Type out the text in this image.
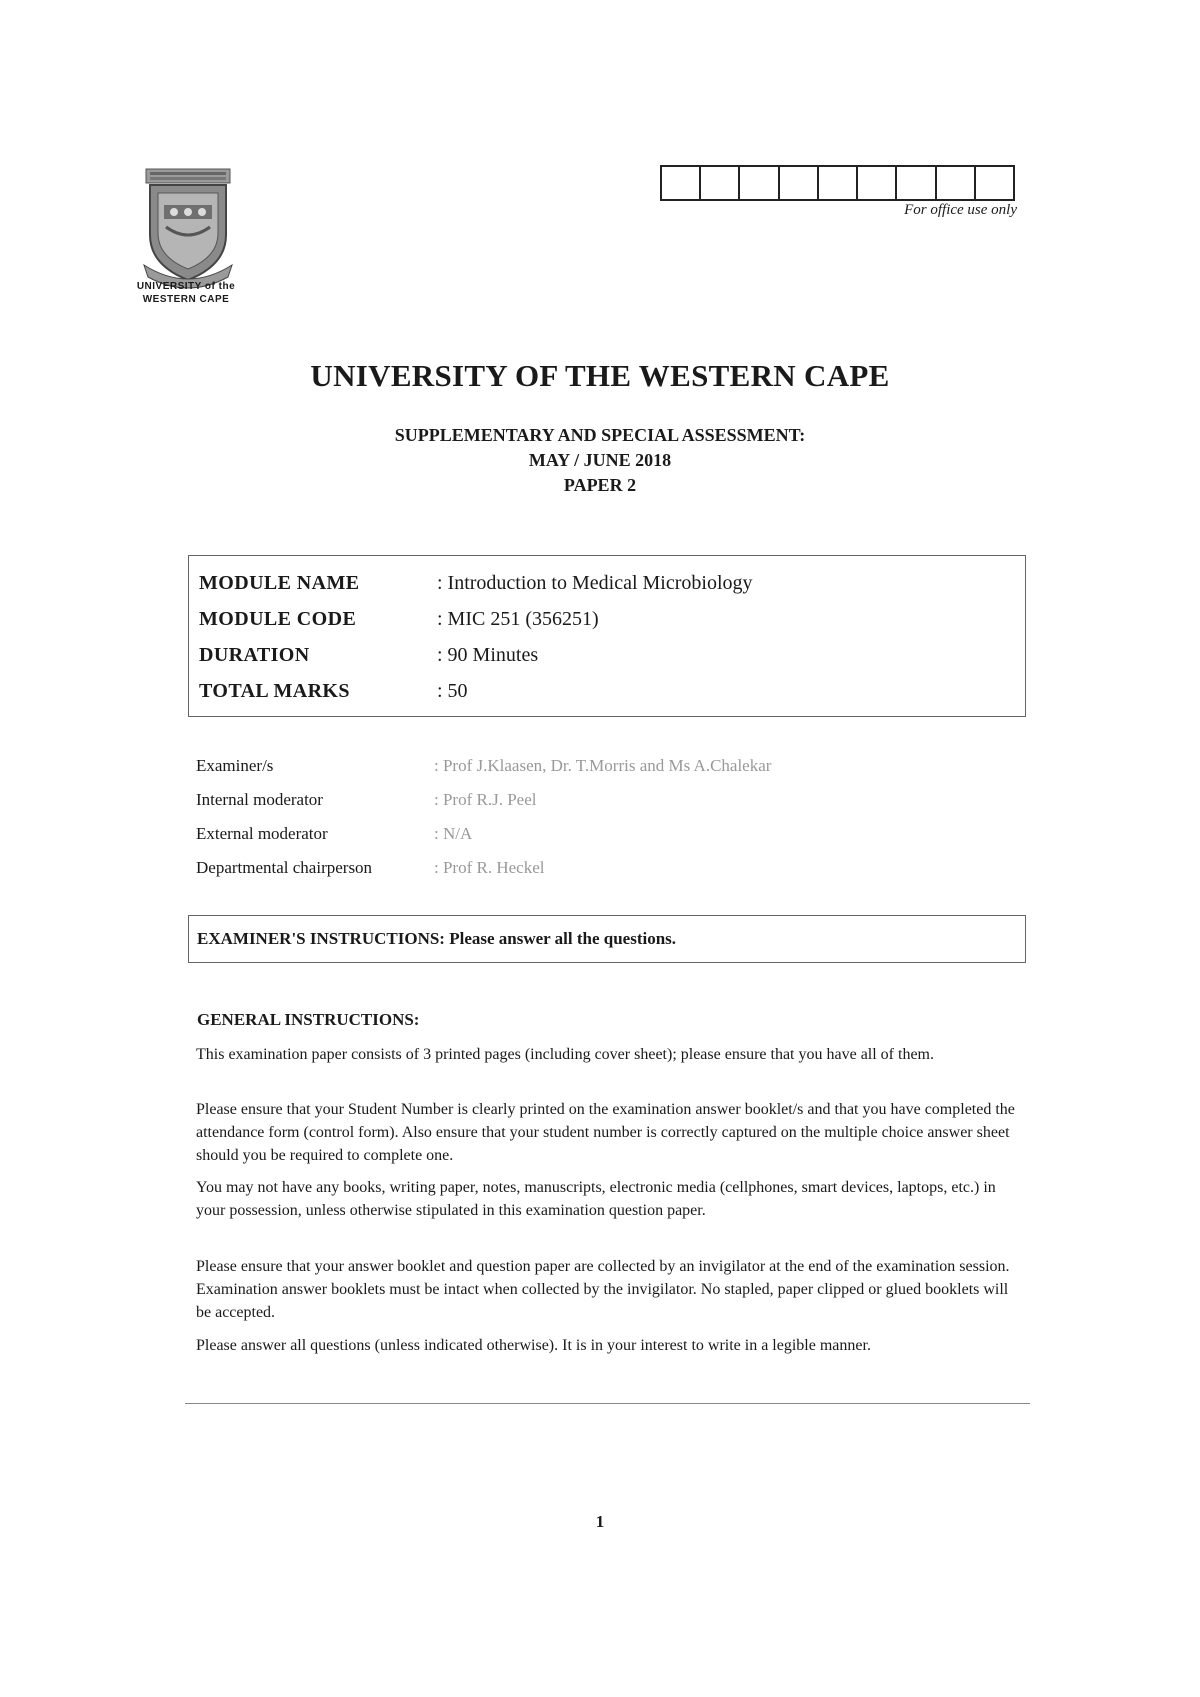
UNIVERSITY of the
WESTERN CAPE
For office use only
UNIVERSITY OF THE WESTERN CAPE
SUPPLEMENTARY AND SPECIAL ASSESSMENT:
MAY / JUNE 2018
PAPER 2
MODULE NAME	: Introduction to Medical Microbiology
MODULE CODE	: MIC 251 (356251)
DURATION	: 90 Minutes
TOTAL MARKS	: 50
Examiner/s	: Prof J.Klaasen, Dr. T.Morris and Ms A.Chalekar
Internal moderator	: Prof R.J. Peel
External moderator	: N/A
Departmental chairperson	: Prof R. Heckel
EXAMINER'S INSTRUCTIONS: Please answer all the questions.
GENERAL INSTRUCTIONS:
This examination paper consists of 3 printed pages (including cover sheet); please ensure that you have all of them.
Please ensure that your Student Number is clearly printed on the examination answer booklet/s and that you have completed the attendance form (control form). Also ensure that your student number is correctly captured on the multiple choice answer sheet should you be required to complete one.
You may not have any books, writing paper, notes, manuscripts, electronic media (cellphones, smart devices, laptops, etc.) in your possession, unless otherwise stipulated in this examination question paper.
Please ensure that your answer booklet and question paper are collected by an invigilator at the end of the examination session. Examination answer booklets must be intact when collected by the invigilator. No stapled, paper clipped or glued booklets will be accepted.
Please answer all questions (unless indicated otherwise). It is in your interest to write in a legible manner.
1
